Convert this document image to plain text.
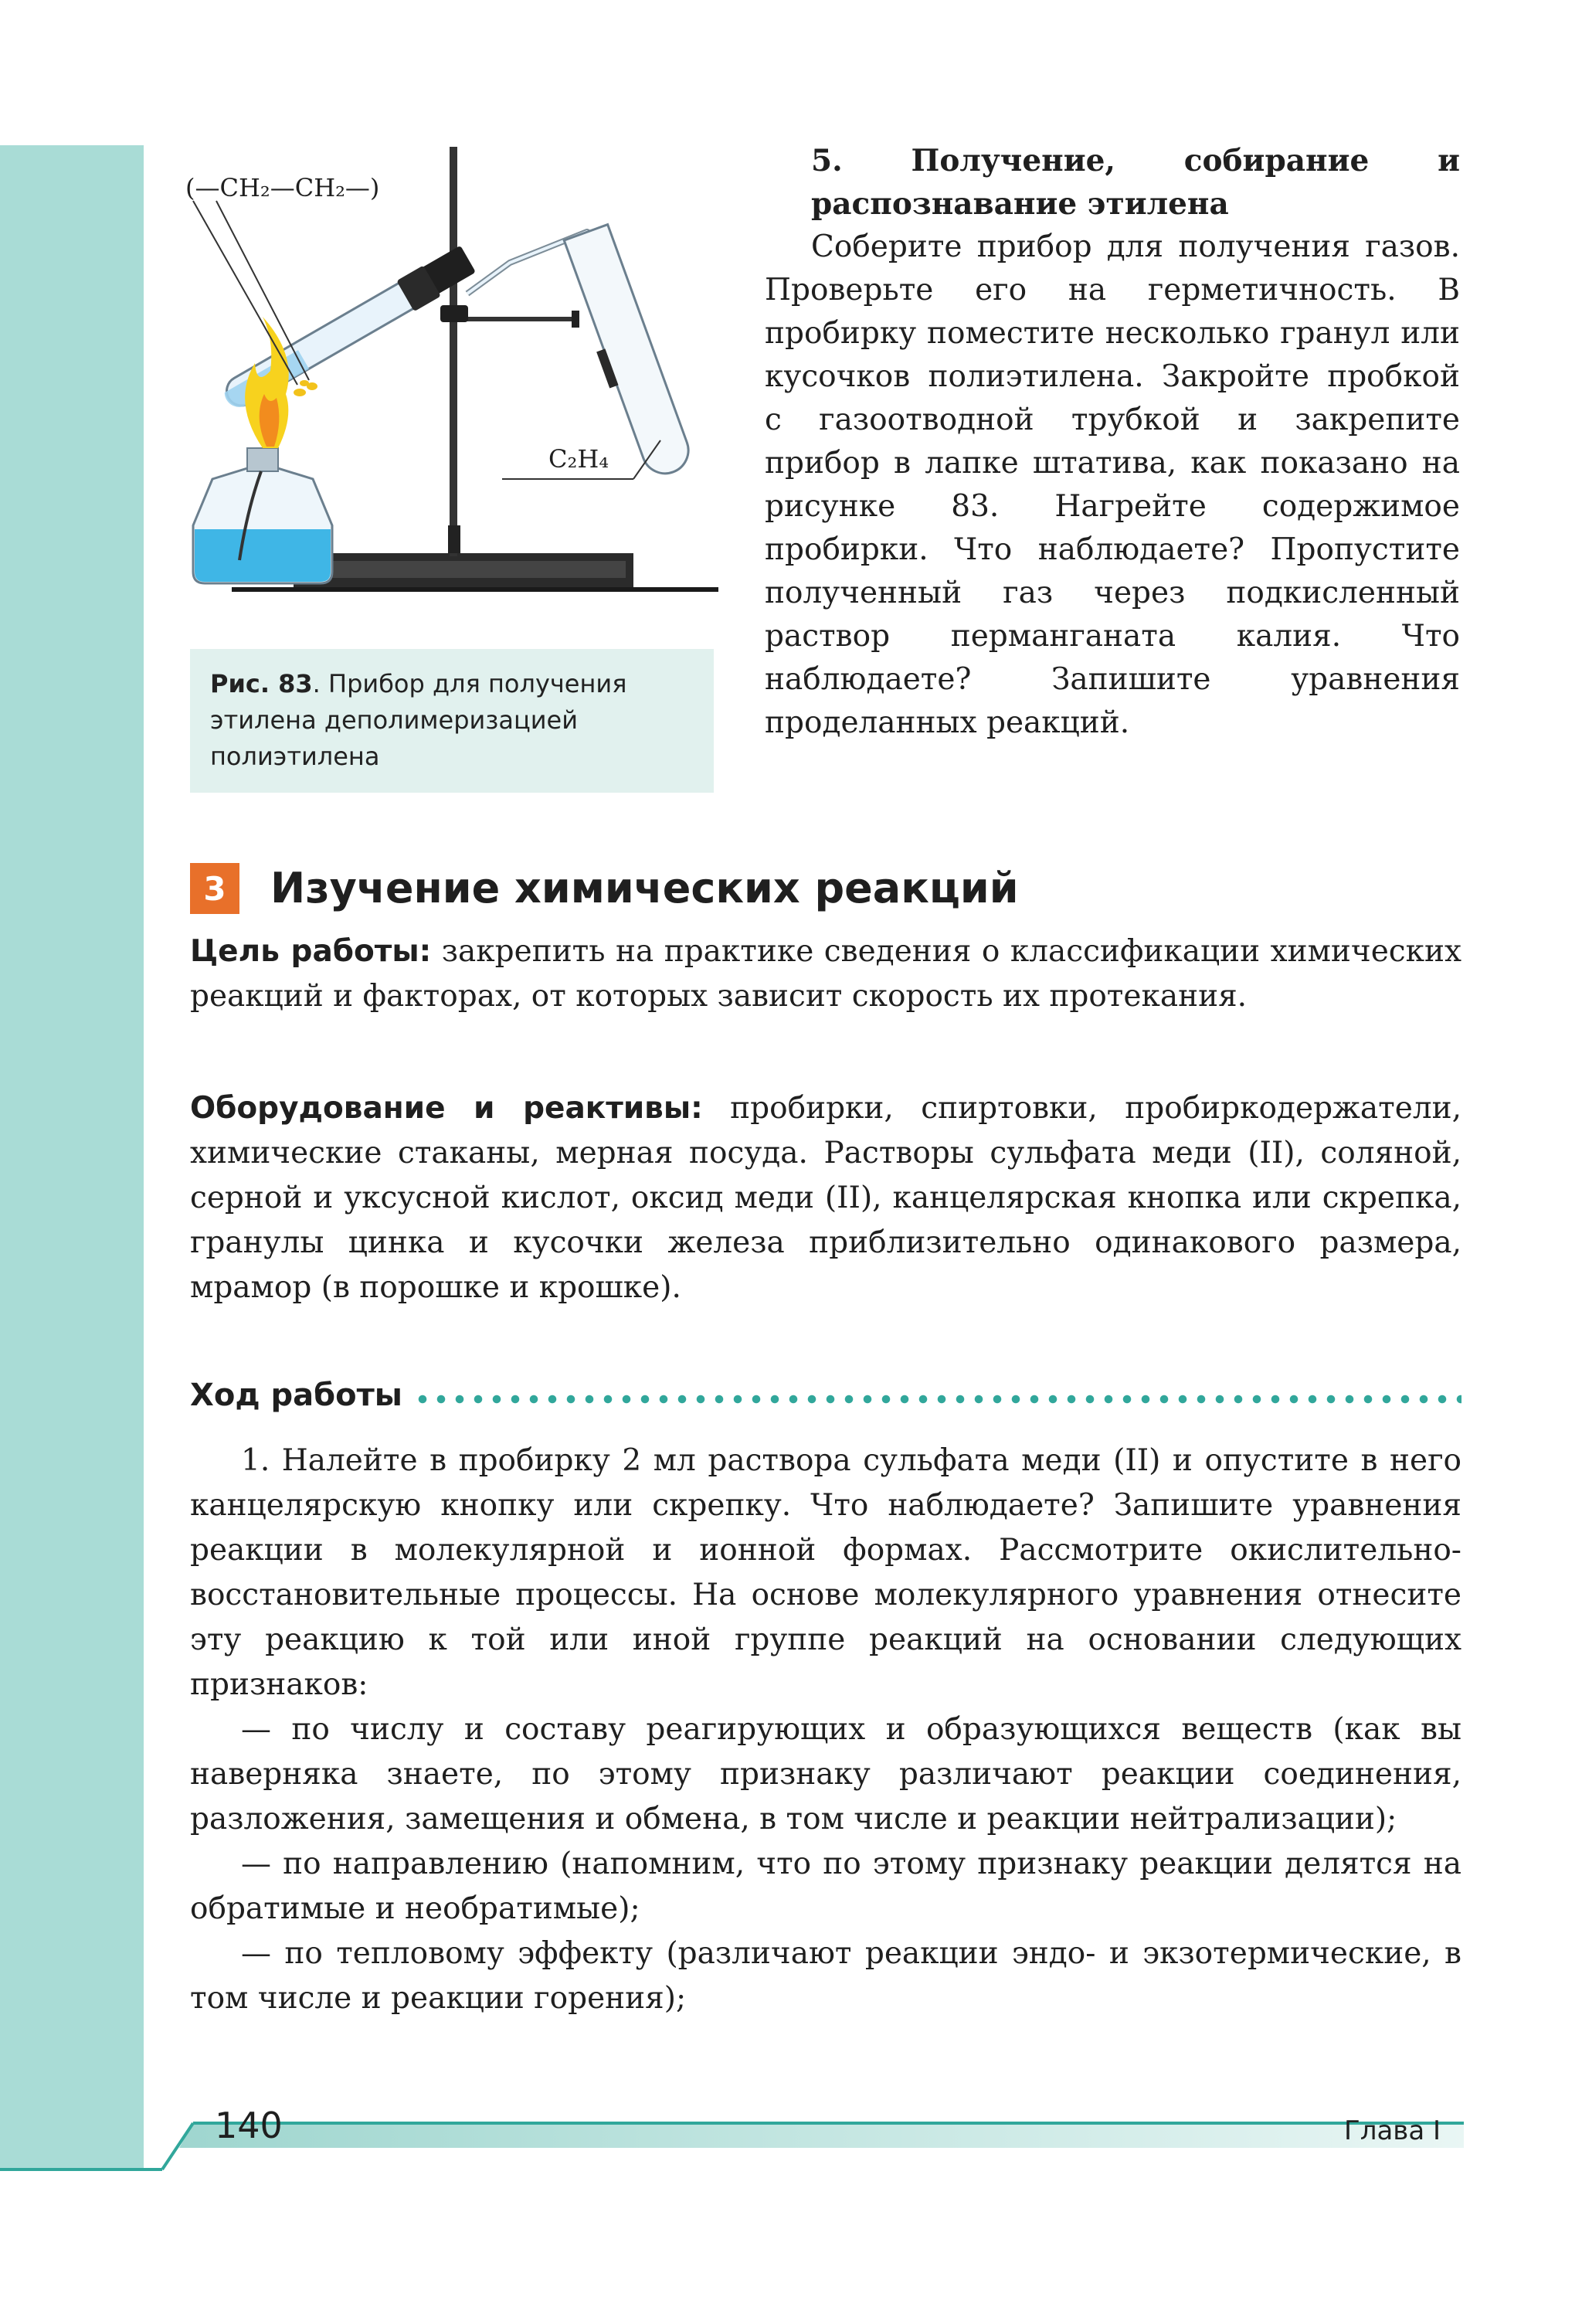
(—CH₂—CH₂—)
C₂H₄
Рис. 83. Прибор для получения этилена деполимеризацией полиэтилена
5. Получение, собирание и распознавание этилена
Соберите прибор для получения газов. Проверьте его на герметичность. В пробирку поместите несколько гранул или кусочков полиэтилена. Закройте пробкой с газоотводной трубкой и закрепите прибор в лапке штатива, как показано на рисунке 83. Нагрейте содержимое пробирки. Что наблюдаете? Пропустите полученный газ через подкисленный раствор перманганата калия. Что наблюдаете? Запишите уравнения проделанных реакций.
3	Изучение химических реакций
Цель работы: закрепить на практике сведения о классификации химических реакций и факторах, от которых зависит скорость их протекания.
Оборудование и реактивы: пробирки, спиртовки, пробиркодержатели, химические стаканы, мерная посуда. Растворы сульфата меди (II), соляной, серной и уксусной кислот, оксид меди (II), канцелярская кнопка или скрепка, гранулы цинка и кусочки железа приблизительно одинакового размера, мрамор (в порошке и крошке).
Ход работы

1. Налейте в пробирку 2 мл раствора сульфата меди (II) и опустите в него канцелярскую кнопку или скрепку. Что наблюдаете? Запишите уравнения реакции в молекулярной и ионной формах. Рассмотрите окислительно-восстановительные процессы. На основе молекулярного уравнения отнесите эту реакцию к той или иной группе реакций на основании следующих признаков:

— по числу и составу реагирующих и образующихся веществ (как вы наверняка знаете, по этому признаку различают реакции соединения, разложения, замещения и обмена, в том числе и реакции нейтрализации);

— по направлению (напомним, что по этому признаку реакции делятся на обратимые и необратимые);

— по тепловому эффекту (различают реакции эндо- и экзотермические, в том числе и реакции горения);

140	Глава I
